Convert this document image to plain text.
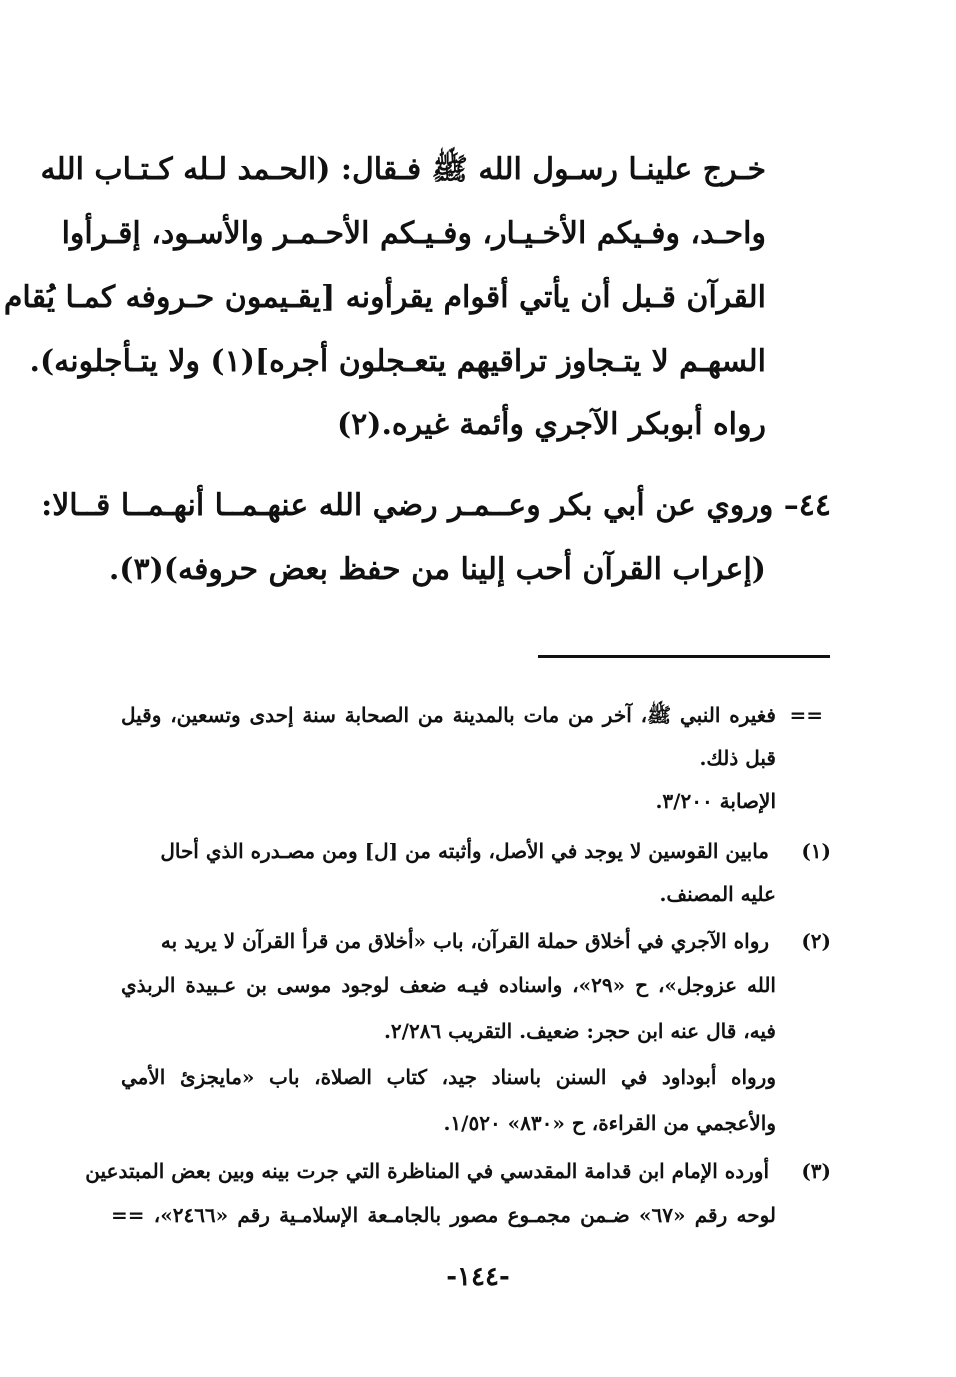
خـرج علينـا رسـول الله ﷺ فـقال: (الحـمد لـله كـتـاب الله
واحـد، وفـيكم الأخـيـار، وفـيـكم الأحـمـر والأسـود، إقـرأوا
القرآن قـبل أن يأتي أقوام يقرأونه [يقـيمون حـروفه كمـا يُقام
السهـم لا يتـجاوز تراقيهم يتعـجلون أجره](١) ولا يتـأجلونه).
رواه أبوبكر الآجري وأئمة غيره.(٢)
٤٤– وروي عن أبي بكر وعــمـر رضي الله عنهـمــا أنهـمــا قــالا:
(إعراب القرآن أحب إلينا من حفظ بعض حروفه)(٣).
==
فغيره النبي ﷺ، آخر من مات بالمدينة من الصحابة سنة إحدى وتسعين، وقيل
قبل ذلك.
الإصابة ٣/٢٠٠.
(١) مابين القوسين لا يوجد في الأصل، وأثبته من [ل] ومن مصـدره الذي أحال
عليه المصنف.
(٢) رواه الآجري في أخلاق حملة القرآن، باب «أخلاق من قرأ القرآن لا يريد به
الله عزوجل»، ح «٢٩»، واسناده فيـه ضعف لوجود موسى بن عـبيدة الربذي
فيه، قال عنه ابن حجر: ضعيف. التقريب ٢/٢٨٦.
ورواه أبوداود في السنن باسناد جيد، كتاب الصلاة، باب «مايجزئ الأمي
والأعجمي من القراءة، ح «٨٣٠» ١/٥٢٠.
(٣) أورده الإمام ابن قدامة المقدسي في المناظرة التي جرت بينه وبين بعض المبتدعين
لوحه رقم «٦٧» ضـمن مجمـوع مصور بالجامـعة الإسلامـية رقم «٢٤٦٦»، ==
-١٤٤-
